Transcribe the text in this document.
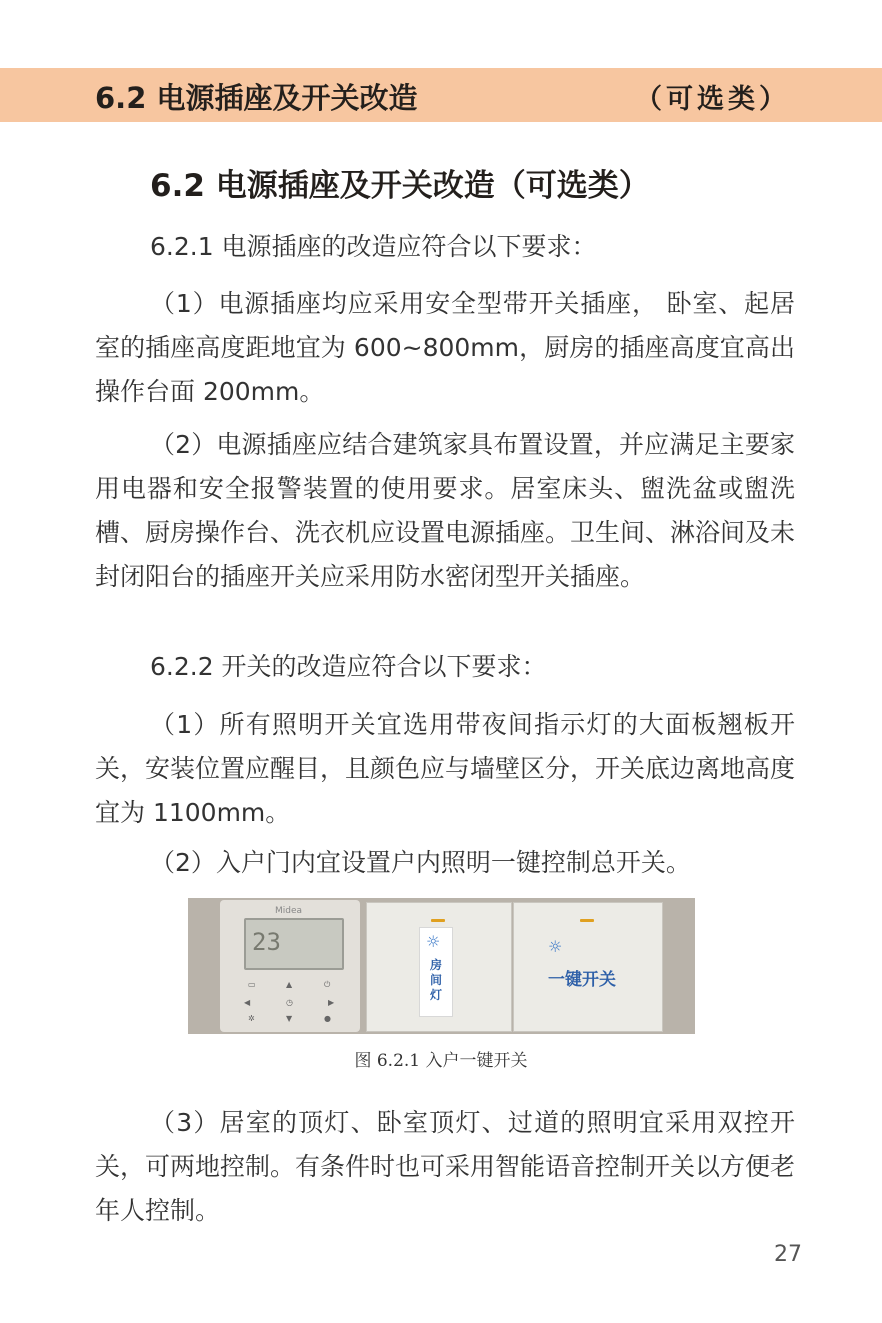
6.2 电源插座及开关改造	（可选类）
6.2 电源插座及开关改造（可选类）

6.2.1 电源插座的改造应符合以下要求：

（1）电源插座均应采用安全型带开关插座， 卧室、起居室的插座高度距地宜为 600~800mm，厨房的插座高度宜高出操作台面 200mm。

（2）电源插座应结合建筑家具布置设置，并应满足主要家用电器和安全报警装置的使用要求。居室床头、盥洗盆或盥洗槽、厨房操作台、洗衣机应设置电源插座。卫生间、淋浴间及未封闭阳台的插座开关应采用防水密闭型开关插座。

6.2.2 开关的改造应符合以下要求：

（1）所有照明开关宜选用带夜间指示灯的大面板翘板开关，安装位置应醒目，且颜色应与墙壁区分，开关底边离地高度宜为 1100mm。

（2）入户门内宜设置户内照明一键控制总开关。

Midea
23
▭	▲	⏻
◀	◷	▶
✲	▼	●
☼
房间灯
☼
一键开关
图 6.2.1 入户一键开关

（3）居室的顶灯、卧室顶灯、过道的照明宜采用双控开关，可两地控制。有条件时也可采用智能语音控制开关以方便老年人控制。

27
